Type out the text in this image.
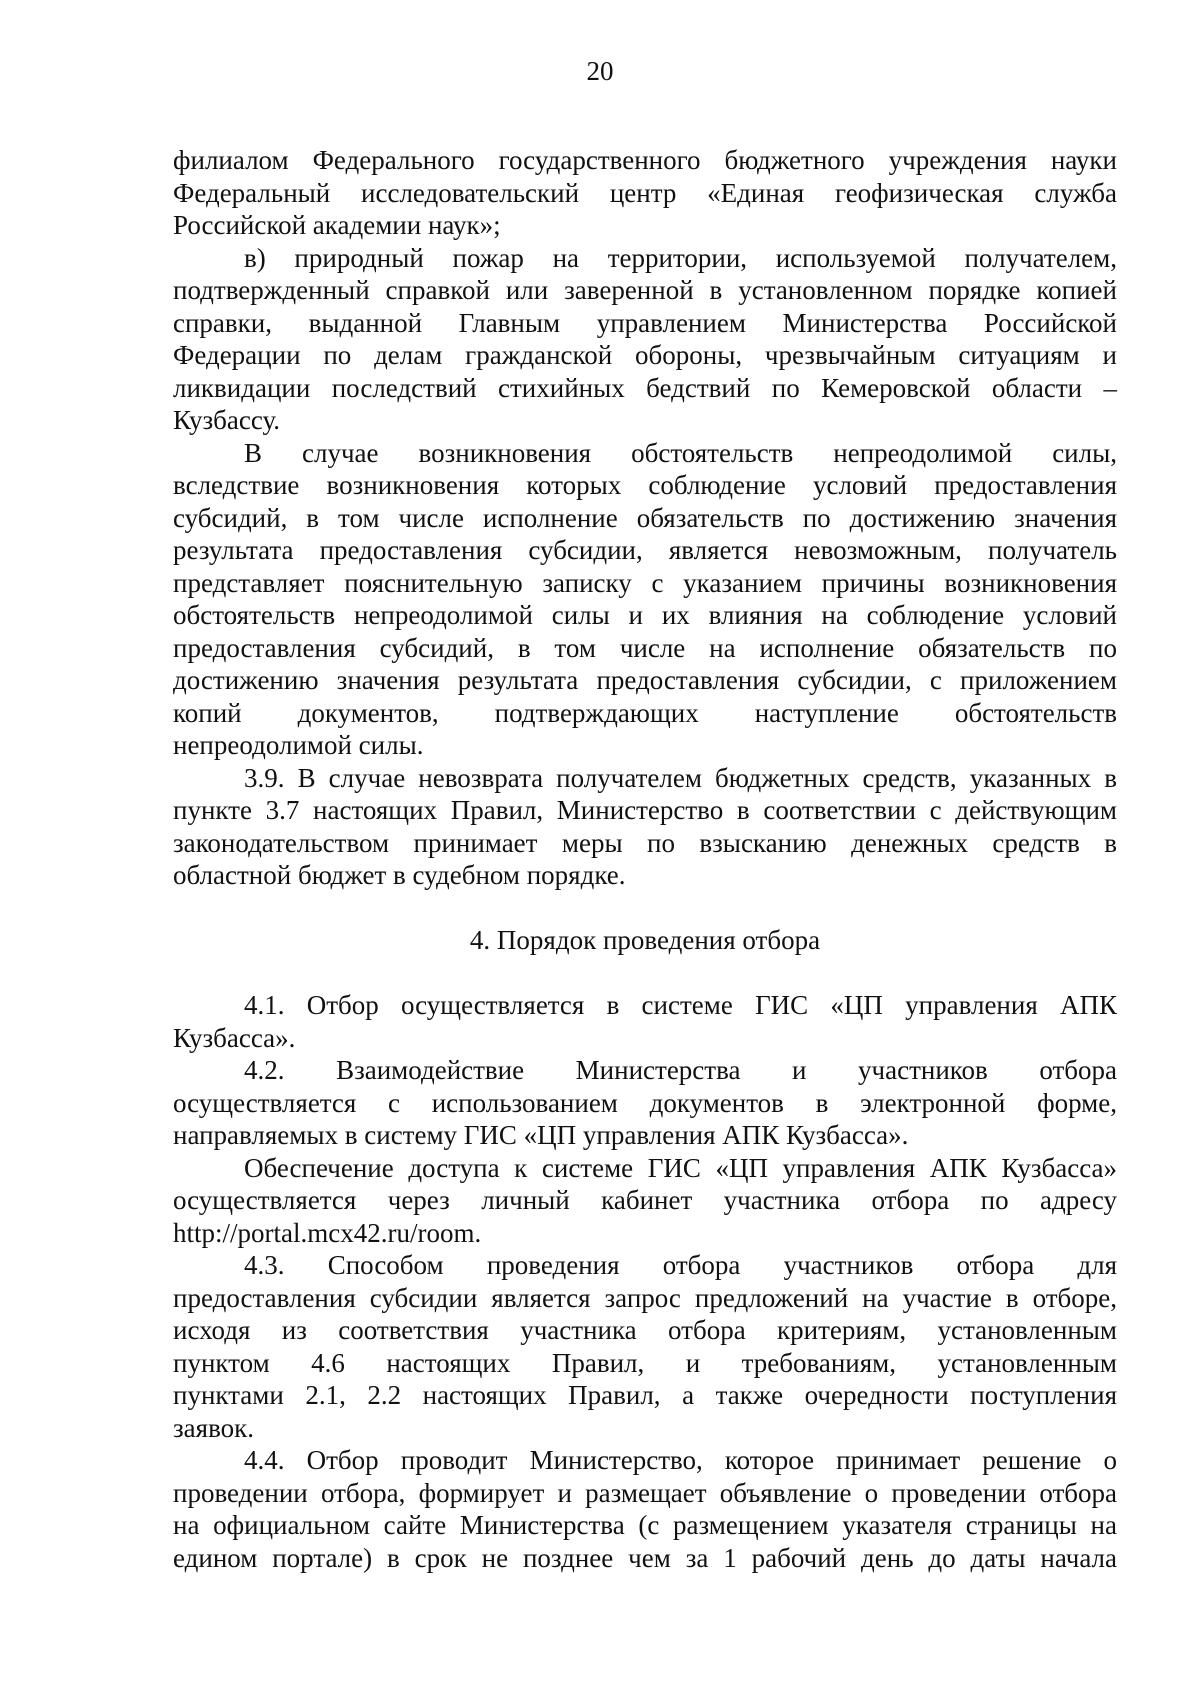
20
филиалом Федерального государственного бюджетного учреждения науки
Федеральный исследовательский центр «Единая геофизическая служба
Российской академии наук»;
в) природный пожар на территории, используемой получателем,
подтвержденный справкой или заверенной в установленном порядке копией
справки, выданной Главным управлением Министерства Российской
Федерации по делам гражданской обороны, чрезвычайным ситуациям и
ликвидации последствий стихийных бедствий по Кемеровской области –
Кузбассу.
В случае возникновения обстоятельств непреодолимой силы,
вследствие возникновения которых соблюдение условий предоставления
субсидий, в том числе исполнение обязательств по достижению значения
результата предоставления субсидии, является невозможным, получатель
представляет пояснительную записку с указанием причины возникновения
обстоятельств непреодолимой силы и их влияния на соблюдение условий
предоставления субсидий, в том числе на исполнение обязательств по
достижению значения результата предоставления субсидии, с приложением
копий документов, подтверждающих наступление обстоятельств
непреодолимой силы.
3.9. В случае невозврата получателем бюджетных средств, указанных в
пункте 3.7 настоящих Правил, Министерство в соответствии с действующим
законодательством принимает меры по взысканию денежных средств в
областной бюджет в судебном порядке.
4. Порядок проведения отбора
4.1. Отбор осуществляется в системе ГИС «ЦП управления АПК
Кузбасса».
4.2. Взаимодействие Министерства и участников отбора
осуществляется с использованием документов в электронной форме,
направляемых в систему ГИС «ЦП управления АПК Кузбасса».
Обеспечение доступа к системе ГИС «ЦП управления АПК Кузбасса»
осуществляется через личный кабинет участника отбора по адресу
http://portal.mcx42.ru/room.
4.3. Способом проведения отбора участников отбора для
предоставления субсидии является запрос предложений на участие в отборе,
исходя из соответствия участника отбора критериям, установленным
пунктом 4.6 настоящих Правил, и требованиям, установленным
пунктами 2.1, 2.2 настоящих Правил, а также очередности поступления
заявок.
4.4. Отбор проводит Министерство, которое принимает решение о
проведении отбора, формирует и размещает объявление о проведении отбора
на официальном сайте Министерства (с размещением указателя страницы на
едином портале) в срок не позднее чем за 1 рабочий день до даты начала
